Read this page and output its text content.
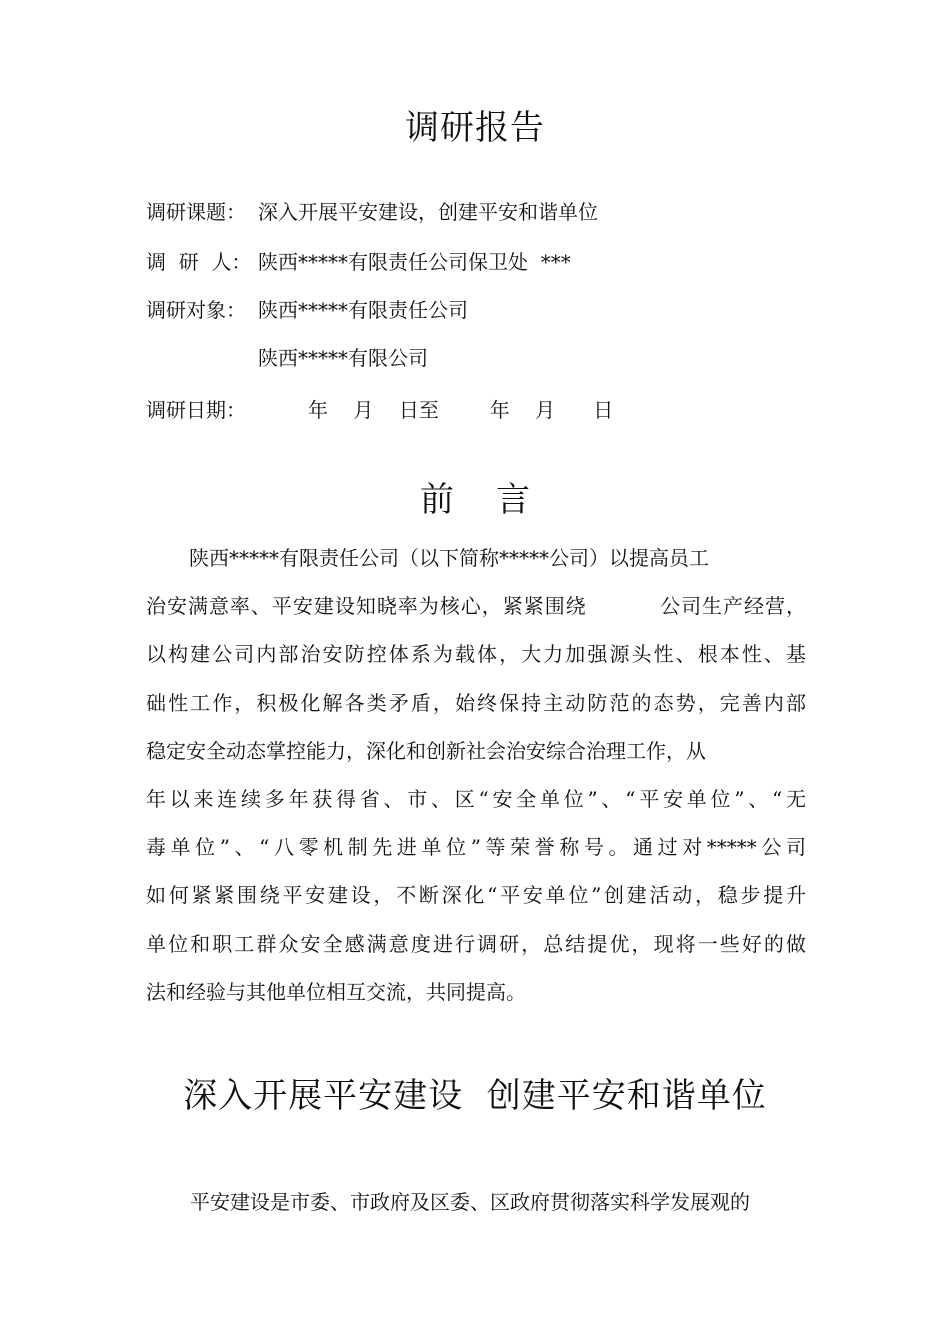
调研报告
调研课题： 深入开展平安建设，创建平安和谐单位
调  研  人： 陕西*****有限责任公司保卫处  ***
调研对象： 陕西*****有限责任公司
陕西*****有限公司
调研日期：	年    月    日至        年    月      日
前言
陕西*****有限责任公司（以下简称*****公司）以提高员工
治安满意率、平安建设知晓率为核心，紧紧围绕          公司生产经营，
以构建公司内部治安防控体系为载体，大力加强源头性、根本性、基
础性工作，积极化解各类矛盾，始终保持主动防范的态势，完善内部
稳定安全动态掌控能力，深化和创新社会治安综合治理工作，从
年以来连续多年获得省、市、区“安全单位”、“平安单位”、“无
毒单位”、“八零机制先进单位”等荣誉称号。通过对*****公司
如何紧紧围绕平安建设，不断深化“平安单位”创建活动，稳步提升
单位和职工群众安全感满意度进行调研，总结提优，现将一些好的做
法和经验与其他单位相互交流，共同提高。
深入开展平安建设  创建平安和谐单位
平安建设是市委、市政府及区委、区政府贯彻落实科学发展观的
